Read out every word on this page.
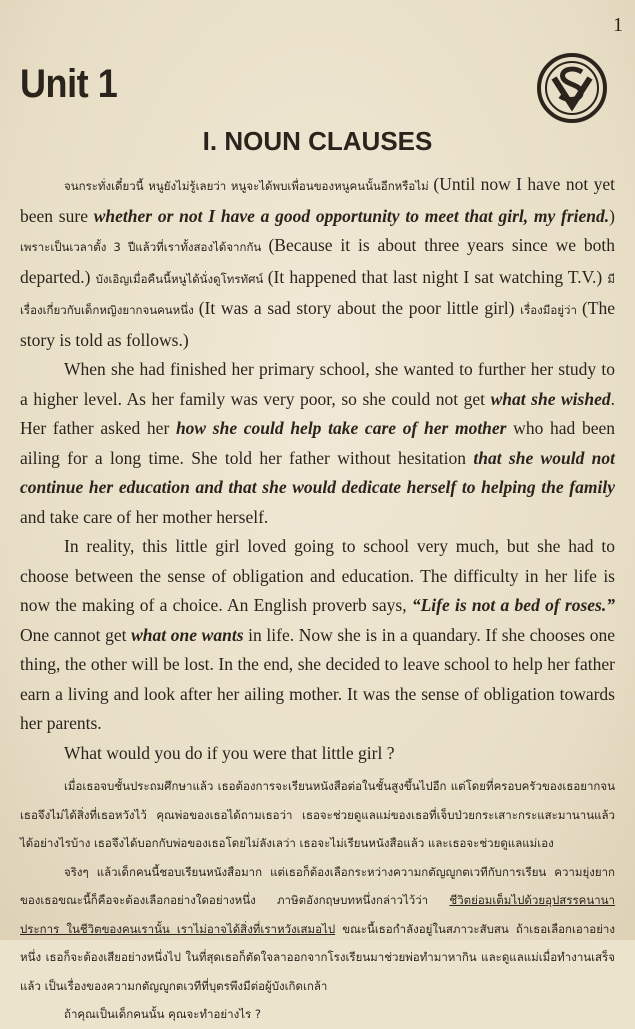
1
Unit 1
I. NOUN CLAUSES

จนกระทั่งเดี๋ยวนี้ หนูยังไม่รู้เลยว่า หนูจะได้พบเพื่อนของหนูคนนั้นอีกหรือไม่ (Until now I have not yet been sure whether or not I have a good opportunity to meet that girl, my friend.) เพราะเป็นเวลาตั้ง 3 ปีแล้วที่เราทั้งสองได้จากกัน (Because it is about three years since we both departed.) บังเอิญเมื่อคืนนี้หนูได้นั่งดูโทรทัศน์ (It happened that last night I sat watching T.V.) มีเรื่องเกี่ยวกับเด็กหญิงยากจนคนหนึ่ง (It was a sad story about the poor little girl) เรื่องมีอยู่ว่า (The story is told as follows.)

When she had finished her primary school, she wanted to further her study to a higher level. As her family was very poor, so she could not get what she wished. Her father asked her how she could help take care of her mother who had been ailing for a long time. She told her father without hesitation that she would not continue her education and that she would dedicate herself to helping the family and take care of her mother herself.

In reality, this little girl loved going to school very much, but she had to choose between the sense of obligation and education. The difficulty in her life is now the making of a choice. An English proverb says, “Life is not a bed of roses.” One cannot get what one wants in life. Now she is in a quandary. If she chooses one thing, the other will be lost. In the end, she decided to leave school to help her father earn a living and look after her ailing mother. It was the sense of obligation towards her parents.

What would you do if you were that little girl ?

เมื่อเธอจบชั้นประถมศึกษาแล้ว เธอต้องการจะเรียนหนังสือต่อในชั้นสูงขึ้นไปอีก แต่โดยที่ครอบครัวของเธอยากจน เธอจึงไม่ได้สิ่งที่เธอหวังไว้ คุณพ่อของเธอได้ถามเธอว่า เธอจะช่วยดูแลแม่ของเธอที่เจ็บป่วยกระเสาะกระแสะมานานแล้วได้อย่างไรบ้าง เธอจึงได้บอกกับพ่อของเธอโดยไม่ลังเลว่า เธอจะไม่เรียนหนังสือแล้ว และเธอจะช่วยดูแลแม่เอง

จริงๆ แล้วเด็กคนนี้ชอบเรียนหนังสือมาก แต่เธอก็ต้องเลือกระหว่างความกตัญญูกตเวทีกับการเรียน ความยุ่งยากของเธอขณะนี้ก็คือจะต้องเลือกอย่างใดอย่างหนึ่ง ภาษิตอังกฤษบทหนึ่งกล่าวไว้ว่า ชีวิตย่อมเต็มไปด้วยอุปสรรคนานาประการ ในชีวิตของคนเรานั้น เราไม่อาจได้สิ่งที่เราหวังเสมอไป ขณะนี้เธอกำลังอยู่ในสภาวะสับสน ถ้าเธอเลือกเอาอย่างหนึ่ง เธอก็จะต้องเสียอย่างหนึ่งไป ในที่สุดเธอก็ตัดใจลาออกจากโรงเรียนมาช่วยพ่อทำมาหากิน และดูแลแม่เมื่อทำงานเสร็จแล้ว เป็นเรื่องของความกตัญญูกตเวทีที่บุตรพึงมีต่อผู้บังเกิดเกล้า

ถ้าคุณเป็นเด็กคนนั้น คุณจะทำอย่างไร ?
